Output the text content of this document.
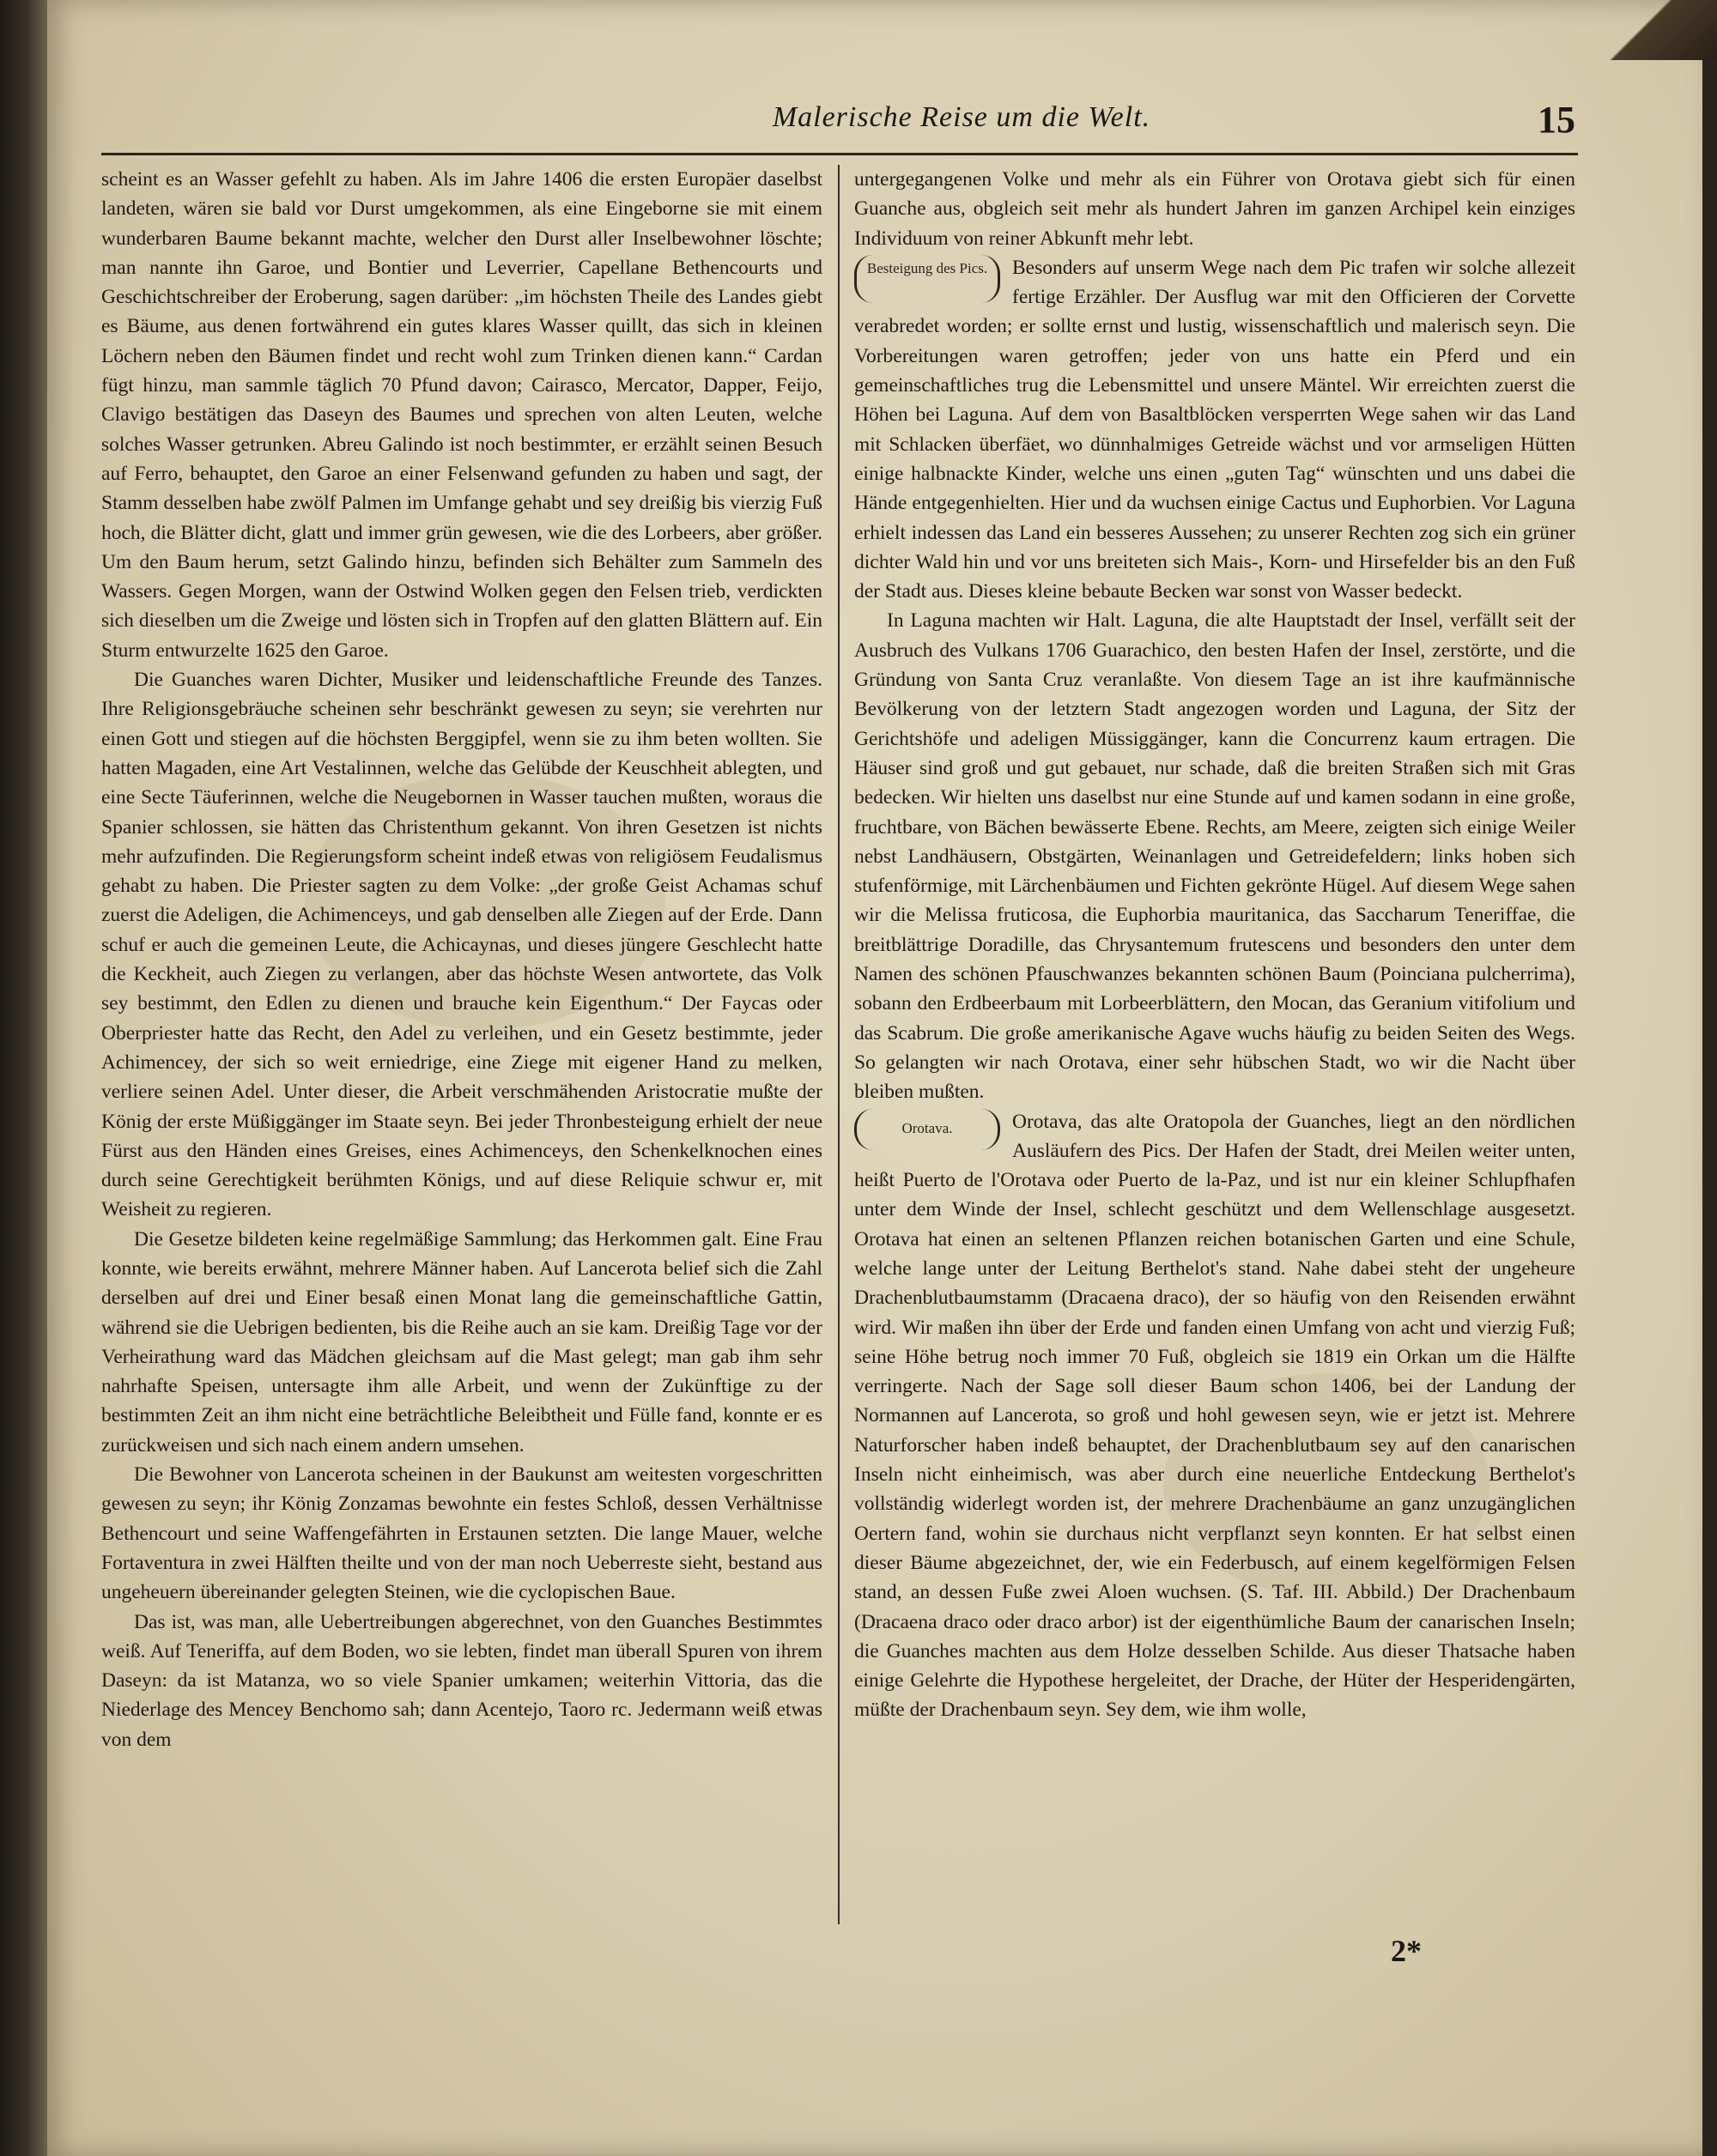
Malerische Reise um die Welt.	15

scheint es an Wasser gefehlt zu haben. Als im Jahre 1406 die ersten Europäer daselbst landeten, wären sie bald vor Durst umgekommen, als eine Eingeborne sie mit einem wunderbaren Baume bekannt machte, welcher den Durst aller Inselbewohner löschte; man nannte ihn Garoe, und Bontier und Leverrier, Capellane Bethencourts und Geschichtschreiber der Eroberung, sagen darüber: „im höchsten Theile des Landes giebt es Bäume, aus denen fortwährend ein gutes klares Wasser quillt, das sich in kleinen Löchern neben den Bäumen findet und recht wohl zum Trinken dienen kann.“ Cardan fügt hinzu, man sammle täglich 70 Pfund davon; Cairasco, Mercator, Dapper, Feijo, Clavigo bestätigen das Daseyn des Baumes und sprechen von alten Leuten, welche solches Wasser getrunken. Abreu Galindo ist noch bestimmter, er erzählt seinen Besuch auf Ferro, behauptet, den Garoe an einer Felsenwand gefunden zu haben und sagt, der Stamm desselben habe zwölf Palmen im Umfange gehabt und sey dreißig bis vierzig Fuß hoch, die Blätter dicht, glatt und immer grün gewesen, wie die des Lorbeers, aber größer. Um den Baum herum, setzt Galindo hinzu, befinden sich Behälter zum Sammeln des Wassers. Gegen Morgen, wann der Ostwind Wolken gegen den Felsen trieb, verdickten sich dieselben um die Zweige und lösten sich in Tropfen auf den glatten Blättern auf. Ein Sturm entwurzelte 1625 den Garoe.

Die Guanches waren Dichter, Musiker und leidenschaftliche Freunde des Tanzes. Ihre Religionsgebräuche scheinen sehr beschränkt gewesen zu seyn; sie verehrten nur einen Gott und stiegen auf die höchsten Berggipfel, wenn sie zu ihm beten wollten. Sie hatten Magaden, eine Art Vestalinnen, welche das Gelübde der Keuschheit ablegten, und eine Secte Täuferinnen, welche die Neugebornen in Wasser tauchen mußten, woraus die Spanier schlossen, sie hätten das Christenthum gekannt. Von ihren Gesetzen ist nichts mehr aufzufinden. Die Regierungsform scheint indeß etwas von religiösem Feudalismus gehabt zu haben. Die Priester sagten zu dem Volke: „der große Geist Achamas schuf zuerst die Adeligen, die Achimenceys, und gab denselben alle Ziegen auf der Erde. Dann schuf er auch die gemeinen Leute, die Achicaynas, und dieses jüngere Geschlecht hatte die Keckheit, auch Ziegen zu verlangen, aber das höchste Wesen antwortete, das Volk sey bestimmt, den Edlen zu dienen und brauche kein Eigenthum.“ Der Faycas oder Oberpriester hatte das Recht, den Adel zu verleihen, und ein Gesetz bestimmte, jeder Achimencey, der sich so weit erniedrige, eine Ziege mit eigener Hand zu melken, verliere seinen Adel. Unter dieser, die Arbeit verschmähenden Aristocratie mußte der König der erste Müßiggänger im Staate seyn. Bei jeder Thronbesteigung erhielt der neue Fürst aus den Händen eines Greises, eines Achimenceys, den Schenkelknochen eines durch seine Gerechtigkeit berühmten Königs, und auf diese Reliquie schwur er, mit Weisheit zu regieren.

Die Gesetze bildeten keine regelmäßige Sammlung; das Herkommen galt. Eine Frau konnte, wie bereits erwähnt, mehrere Männer haben. Auf Lancerota belief sich die Zahl derselben auf drei und Einer besaß einen Monat lang die gemeinschaftliche Gattin, während sie die Uebrigen bedienten, bis die Reihe auch an sie kam. Dreißig Tage vor der Verheirathung ward das Mädchen gleichsam auf die Mast gelegt; man gab ihm sehr nahrhafte Speisen, untersagte ihm alle Arbeit, und wenn der Zukünftige zu der bestimmten Zeit an ihm nicht eine beträchtliche Beleibtheit und Fülle fand, konnte er es zurückweisen und sich nach einem andern umsehen.

Die Bewohner von Lancerota scheinen in der Baukunst am weitesten vorgeschritten gewesen zu seyn; ihr König Zonzamas bewohnte ein festes Schloß, dessen Verhältnisse Bethencourt und seine Waffengefährten in Erstaunen setzten. Die lange Mauer, welche Fortaventura in zwei Hälften theilte und von der man noch Ueberreste sieht, bestand aus ungeheuern übereinander gelegten Steinen, wie die cyclopischen Baue.

Das ist, was man, alle Uebertreibungen abgerechnet, von den Guanches Bestimmtes weiß. Auf Teneriffa, auf dem Boden, wo sie lebten, findet man überall Spuren von ihrem Daseyn: da ist Matanza, wo so viele Spanier umkamen; weiterhin Vittoria, das die Niederlage des Mencey Benchomo sah; dann Acentejo, Taoro rc. Jedermann weiß etwas von dem

untergegangenen Volke und mehr als ein Führer von Orotava giebt sich für einen Guanche aus, obgleich seit mehr als hundert Jahren im ganzen Archipel kein einziges Individuum von reiner Abkunft mehr lebt.

Besteigung des Pics.	Besonders auf unserm Wege nach dem Pic trafen wir solche allezeit fertige Erzähler. Der Ausflug war mit den Officieren der Corvette verabredet worden; er sollte ernst und lustig, wissenschaftlich und malerisch seyn. Die Vorbereitungen waren getroffen; jeder von uns hatte ein Pferd und ein gemeinschaftliches trug die Lebensmittel und unsere Mäntel. Wir erreichten zuerst die Höhen bei Laguna. Auf dem von Basaltblöcken versperrten Wege sahen wir das Land mit Schlacken überfäet, wo dünnhalmiges Getreide wächst und vor armseligen Hütten einige halbnackte Kinder, welche uns einen „guten Tag“ wünschten und uns dabei die Hände entgegenhielten. Hier und da wuchsen einige Cactus und Euphorbien. Vor Laguna erhielt indessen das Land ein besseres Aussehen; zu unserer Rechten zog sich ein grüner dichter Wald hin und vor uns breiteten sich Mais-, Korn- und Hirsefelder bis an den Fuß der Stadt aus. Dieses kleine bebaute Becken war sonst von Wasser bedeckt.

In Laguna machten wir Halt. Laguna, die alte Hauptstadt der Insel, verfällt seit der Ausbruch des Vulkans 1706 Guarachico, den besten Hafen der Insel, zerstörte, und die Gründung von Santa Cruz veranlaßte. Von diesem Tage an ist ihre kaufmännische Bevölkerung von der letztern Stadt angezogen worden und Laguna, der Sitz der Gerichtshöfe und adeligen Müssiggänger, kann die Concurrenz kaum ertragen. Die Häuser sind groß und gut gebauet, nur schade, daß die breiten Straßen sich mit Gras bedecken. Wir hielten uns daselbst nur eine Stunde auf und kamen sodann in eine große, fruchtbare, von Bächen bewässerte Ebene. Rechts, am Meere, zeigten sich einige Weiler nebst Landhäusern, Obstgärten, Weinanlagen und Getreidefeldern; links hoben sich stufenförmige, mit Lärchenbäumen und Fichten gekrönte Hügel. Auf diesem Wege sahen wir die Melissa fruticosa, die Euphorbia mauritanica, das Saccharum Teneriffae, die breitblättrige Doradille, das Chrysantemum frutescens und besonders den unter dem Namen des schönen Pfauschwanzes bekannten schönen Baum (Poinciana pulcherrima), sobann den Erdbeerbaum mit Lorbeerblättern, den Mocan, das Geranium vitifolium und das Scabrum. Die große amerikanische Agave wuchs häufig zu beiden Seiten des Wegs. So gelangten wir nach Orotava, einer sehr hübschen Stadt, wo wir die Nacht über bleiben mußten.

Orotava.	Orotava, das alte Oratopola der Guanches, liegt an den nördlichen Ausläufern des Pics. Der Hafen der Stadt, drei Meilen weiter unten, heißt Puerto de l'Orotava oder Puerto de la-Paz, und ist nur ein kleiner Schlupfhafen unter dem Winde der Insel, schlecht geschützt und dem Wellenschlage ausgesetzt. Orotava hat einen an seltenen Pflanzen reichen botanischen Garten und eine Schule, welche lange unter der Leitung Berthelot's stand. Nahe dabei steht der ungeheure Drachenblutbaumstamm (Dracaena draco), der so häufig von den Reisenden erwähnt wird. Wir maßen ihn über der Erde und fanden einen Umfang von acht und vierzig Fuß; seine Höhe betrug noch immer 70 Fuß, obgleich sie 1819 ein Orkan um die Hälfte verringerte. Nach der Sage soll dieser Baum schon 1406, bei der Landung der Normannen auf Lancerota, so groß und hohl gewesen seyn, wie er jetzt ist. Mehrere Naturforscher haben indeß behauptet, der Drachenblutbaum sey auf den canarischen Inseln nicht einheimisch, was aber durch eine neuerliche Entdeckung Berthelot's vollständig widerlegt worden ist, der mehrere Drachenbäume an ganz unzugänglichen Oertern fand, wohin sie durchaus nicht verpflanzt seyn konnten. Er hat selbst einen dieser Bäume abgezeichnet, der, wie ein Federbusch, auf einem kegelförmigen Felsen stand, an dessen Fuße zwei Aloen wuchsen. (S. Taf. III. Abbild.) Der Drachenbaum (Dracaena draco oder draco arbor) ist der eigenthümliche Baum der canarischen Inseln; die Guanches machten aus dem Holze desselben Schilde. Aus dieser Thatsache haben einige Gelehrte die Hypothese hergeleitet, der Drache, der Hüter der Hesperidengärten, müßte der Drachenbaum seyn. Sey dem, wie ihm wolle,

2*
